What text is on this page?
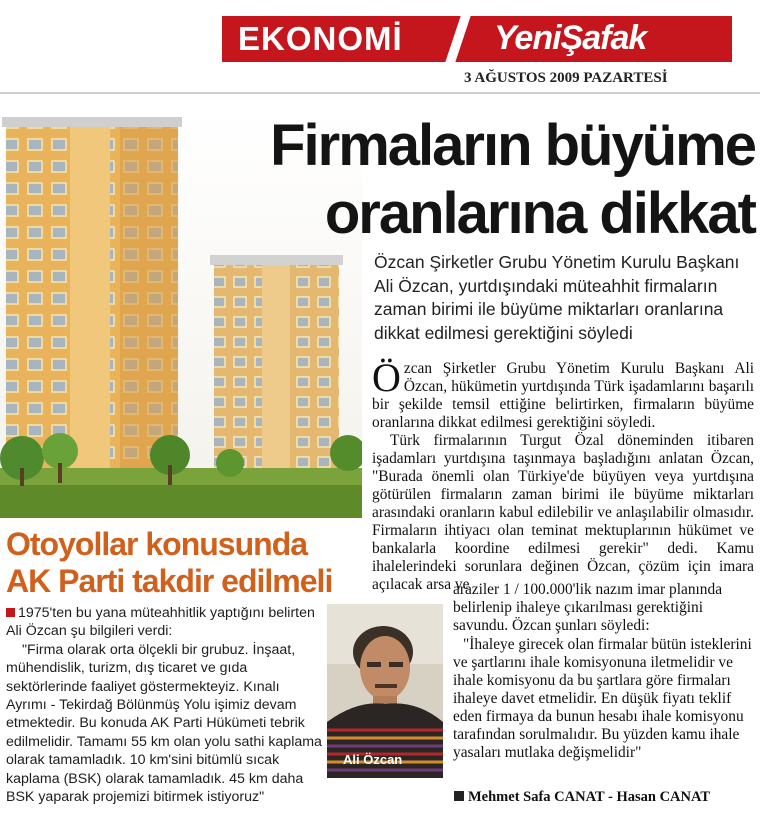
EKONOMİ	YeniŞafak
3 AĞUSTOS 2009 PAZARTESİ
Firmaların büyüme
oranlarına dikkat
Özcan Şirketler Grubu Yönetim Kurulu Başkanı Ali Özcan, yurtdışındaki müteahhit firmaların zaman birimi ile büyüme miktarları oranlarına dikkat edilmesi gerektiğini söyledi

Özcan Şirketler Grubu Yönetim Kurulu Başkanı Ali Özcan, hükümetin yurtdışında Türk işadamlarını başarılı bir şekilde temsil ettiğine belirtirken, firmaların büyüme oranlarına dikkat edilmesi gerektiğini söyledi.

Türk firmalarının Turgut Özal döneminden itibaren işadamları yurtdışına taşınmaya başladığını anlatan Özcan, "Burada önemli olan Türkiye'de büyüyen veya yurtdışına götürülen firmaların zaman birimi ile büyüme miktarları arasındaki oranların kabul edilebilir ve anlaşılabilir olmasıdır. Firmaların ihtiyacı olan teminat mektuplarının hükümet ve bankalarla koordine edilmesi gerekir" dedi. Kamu ihalelerindeki sorunlara değinen Özcan, çözüm için imara açılacak arsa ve

araziler 1 / 100.000'lik nazım imar planında belirlenip ihaleye çıkarılması gerektiğini savundu. Özcan şunları söyledi:
"İhaleye girecek olan firmalar bütün isteklerini ve şartlarını ihale komisyonuna iletmelidir ve ihale komisyonu da bu şartlara göre firmaları ihaleye davet etmelidir. En düşük fiyatı teklif eden firmaya da bunun hesabı ihale komisyonu tarafından sorulmalıdır. Bu yüzden kamu ihale yasaları mutlaka değişmelidir"
Mehmet Safa CANAT - Hasan CANAT
Otoyollar konusunda
AK Parti takdir edilmeli

1975'ten bu yana müteahhitlik yaptığını belirten Ali Özcan şu bilgileri verdi:

"Firma olarak orta ölçekli bir grubuz. İnşaat, mühendislik, turizm, dış ticaret ve gıda sektörlerinde faaliyet göstermekteyiz. Kınalı Ayrımı - Tekirdağ Bölünmüş Yolu işimiz devam etmektedir. Bu konuda AK Parti Hükümeti tebrik edilmelidir. Tamamı 55 km olan yolu sathi kaplama olarak tamamladık. 10 km'sini bitümlü sıcak kaplama (BSK) olarak tamamladık. 45 km daha BSK yaparak projemizi bitirmek istiyoruz"

Ali Özcan
